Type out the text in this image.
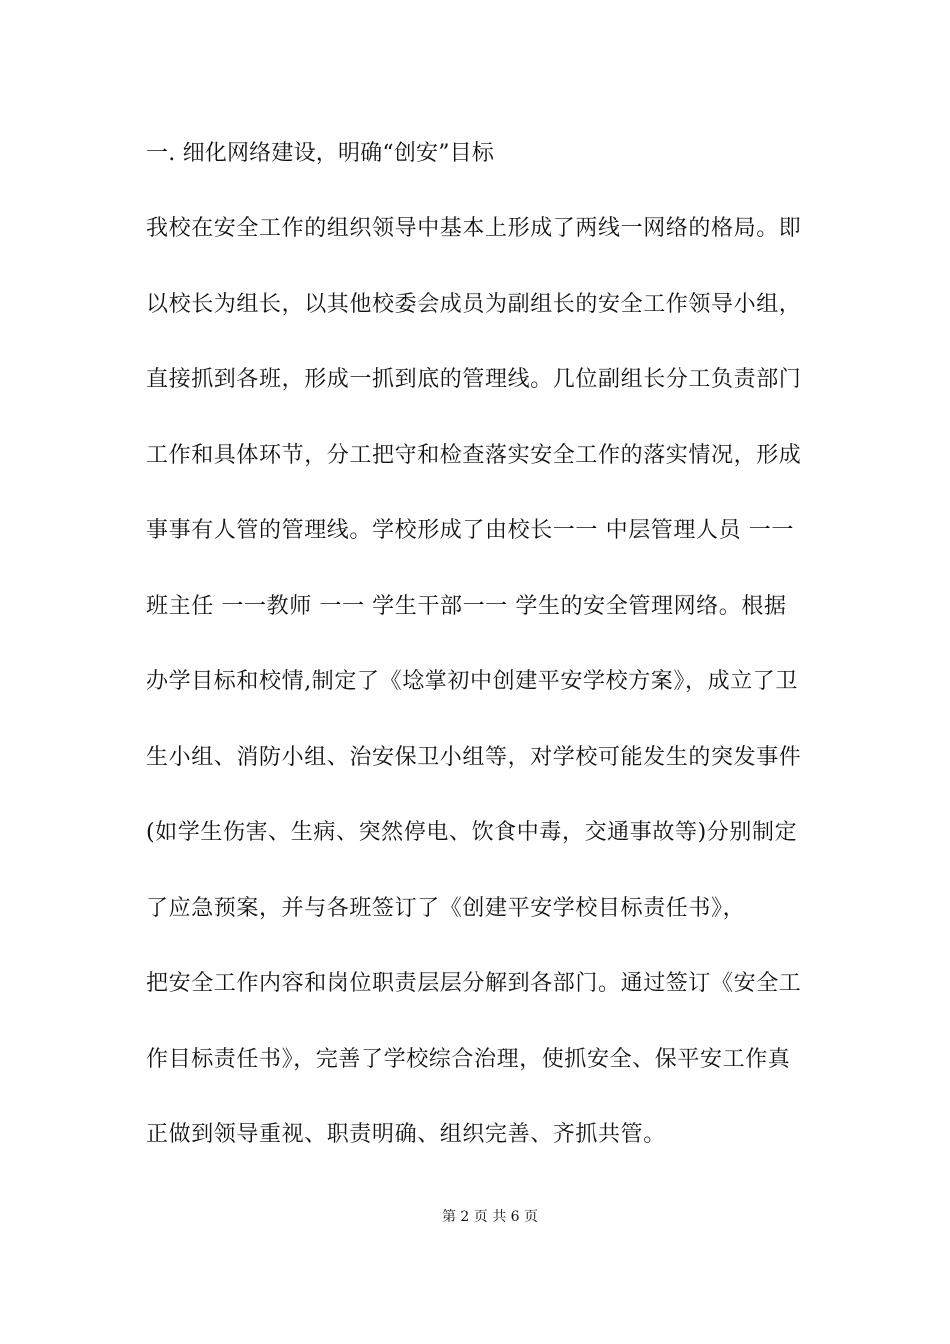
一. 细化网络建设，明确“创安”目标
我校在安全工作的组织领导中基本上形成了两线一网络的格局。即
以校长为组长，以其他校委会成员为副组长的安全工作领导小组，
直接抓到各班，形成一抓到底的管理线。几位副组长分工负责部门
工作和具体环节，分工把守和检查落实安全工作的落实情况，形成
事事有人管的管理线。学校形成了由校长一一 中层管理人员 一一
班主任 一一教师 一一 学生干部一一 学生的安全管理网络。根据
办学目标和校情,制定了《埝掌初中创建平安学校方案》，成立了卫
生小组、消防小组、治安保卫小组等，对学校可能发生的突发事件
(如学生伤害、生病、突然停电、饮食中毒，交通事故等)分别制定
了应急预案，并与各班签订了《创建平安学校目标责任书》，
把安全工作内容和岗位职责层层分解到各部门。通过签订《安全工
作目标责任书》，完善了学校综合治理，使抓安全、保平安工作真
正做到领导重视、职责明确、组织完善、齐抓共管。
第 2 页 共 6 页
